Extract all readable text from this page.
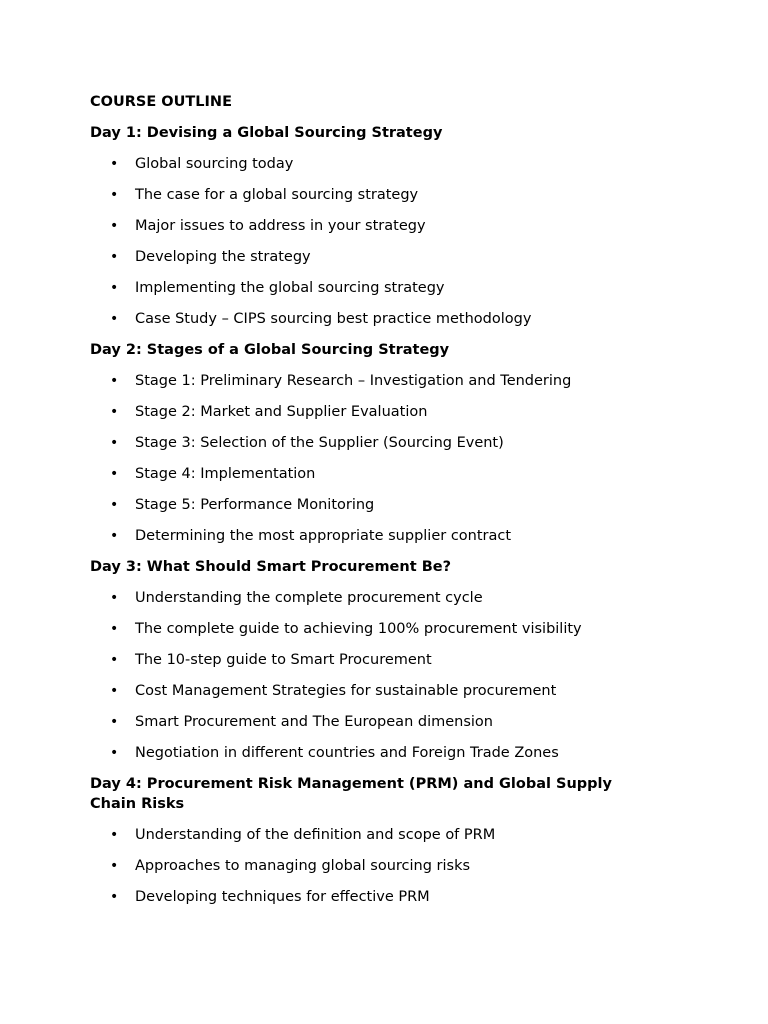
COURSE OUTLINE
Day 1: Devising a Global Sourcing Strategy
• Global sourcing today
• The case for a global sourcing strategy
• Major issues to address in your strategy
• Developing the strategy
• Implementing the global sourcing strategy
• Case Study – CIPS sourcing best practice methodology
Day 2: Stages of a Global Sourcing Strategy
• Stage 1: Preliminary Research – Investigation and Tendering
• Stage 2: Market and Supplier Evaluation
• Stage 3: Selection of the Supplier (Sourcing Event)
• Stage 4: Implementation
• Stage 5: Performance Monitoring
• Determining the most appropriate supplier contract
Day 3: What Should Smart Procurement Be?
• Understanding the complete procurement cycle
• The complete guide to achieving 100% procurement visibility
• The 10-step guide to Smart Procurement
• Cost Management Strategies for sustainable procurement
• Smart Procurement and The European dimension
• Negotiation in different countries and Foreign Trade Zones
Day 4: Procurement Risk Management (PRM) and Global Supply Chain Risks
• Understanding of the definition and scope of PRM
• Approaches to managing global sourcing risks
• Developing techniques for effective PRM
